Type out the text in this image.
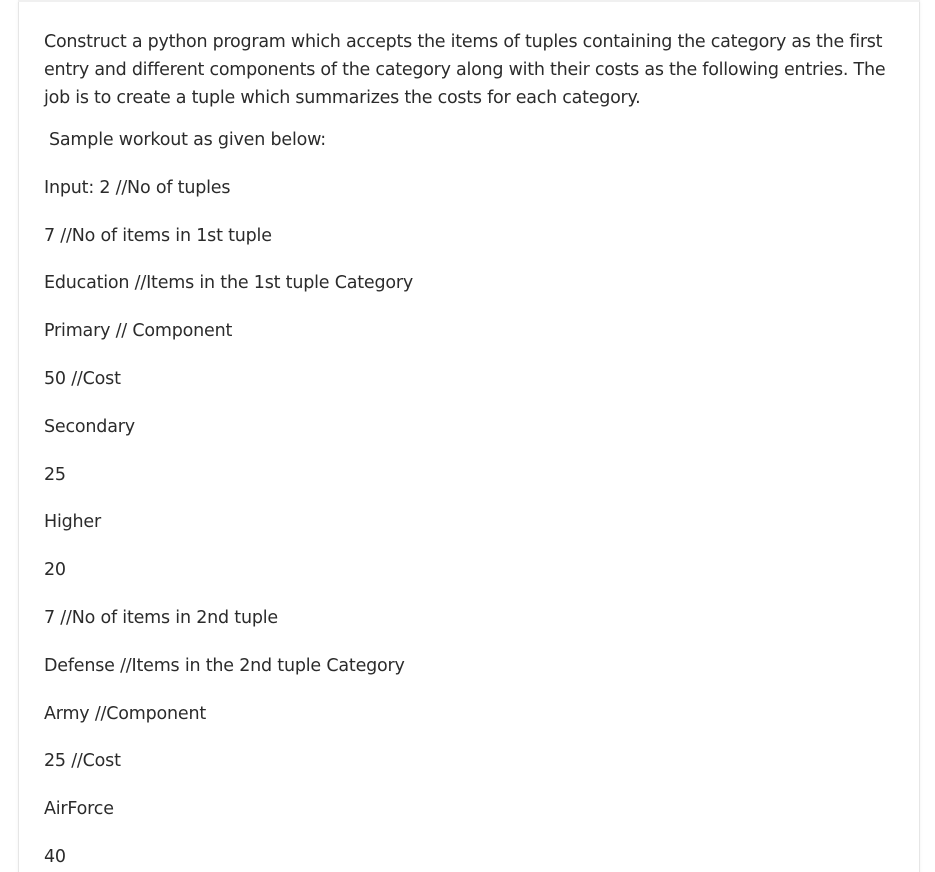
Construct a python program which accepts the items of tuples containing the category as the first entry and different components of the category along with their costs as the following entries. The job is to create a tuple which summarizes the costs for each category.

Sample workout as given below:

Input: 2 //No of tuples

7 //No of items in 1st tuple

Education //Items in the 1st tuple Category

Primary // Component

50 //Cost

Secondary

25

Higher

20

7 //No of items in 2nd tuple

Defense //Items in the 2nd tuple Category

Army //Component

25 //Cost

AirForce

40
